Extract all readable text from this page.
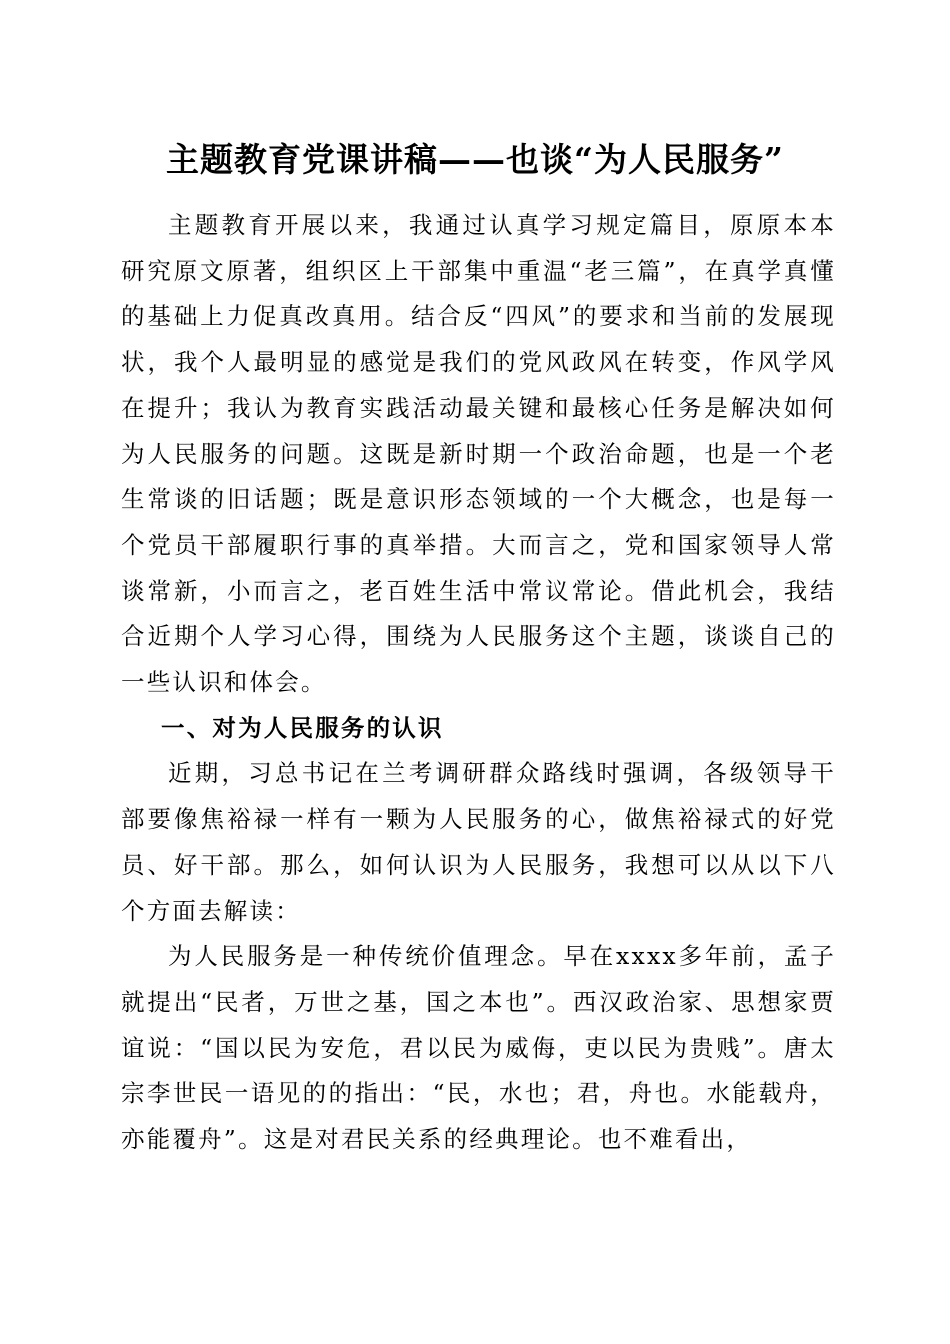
主题教育党课讲稿——也谈“为人民服务”

主题教育开展以来，我通过认真学习规定篇目，原原本本研究原文原著，组织区上干部集中重温“老三篇”，在真学真懂的基础上力促真改真用。结合反“四风”的要求和当前的发展现状，我个人最明显的感觉是我们的党风政风在转变，作风学风在提升；我认为教育实践活动最关键和最核心任务是解决如何为人民服务的问题。这既是新时期一个政治命题，也是一个老生常谈的旧话题；既是意识形态领域的一个大概念，也是每一个党员干部履职行事的真举措。大而言之，党和国家领导人常谈常新，小而言之，老百姓生活中常议常论。借此机会，我结合近期个人学习心得，围绕为人民服务这个主题，谈谈自己的一些认识和体会。

一、对为人民服务的认识

近期，习总书记在兰考调研群众路线时强调，各级领导干部要像焦裕禄一样有一颗为人民服务的心，做焦裕禄式的好党员、好干部。那么，如何认识为人民服务，我想可以从以下八个方面去解读：

为人民服务是一种传统价值理念。早在xxxx多年前，孟子就提出“民者，万世之基，国之本也”。西汉政治家、思想家贾谊说：“国以民为安危，君以民为威侮，吏以民为贵贱”。唐太宗李世民一语见的的指出：“民，水也；君，舟也。水能载舟，亦能覆舟”。这是对君民关系的经典理论。也不难看出，
